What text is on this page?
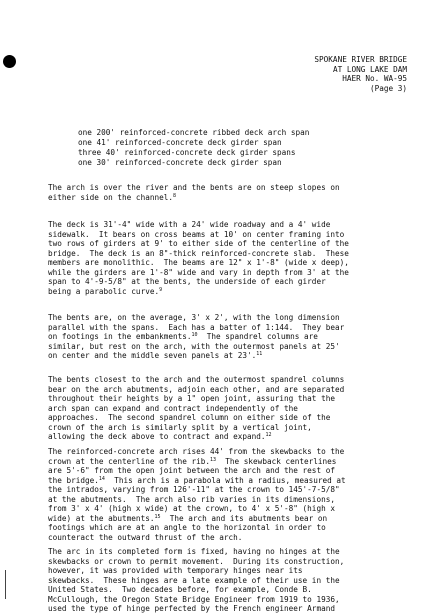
SPOKANE RIVER BRIDGE
AT LONG LAKE DAM
HAER No. WA-95
(Page 3)
one 200' reinforced-concrete ribbed deck arch span
one 41' reinforced-concrete deck girder span
three 40' reinforced-concrete deck girder spans
one 30' reinforced-concrete deck girder span
The arch is over the river and the bents are on steep slopes on
either side on the channel.$^8$
The deck is 31'-4" wide with a 24' wide roadway and a 4' wide
sidewalk.  It bears on cross beams at 10' on center framing into
two rows of girders at 9' to either side of the centerline of the
bridge.  The deck is an 8"-thick reinforced-concrete slab.  These
members are monolithic.  The beams are 12" x 1'-8" (wide x deep),
while the girders are 1'-8" wide and vary in depth from 3' at the
span to 4'-9-5/8" at the bents, the underside of each girder
being a parabolic curve.$^9$
The bents are, on the average, 3' x 2', with the long dimension
parallel with the spans.  Each has a batter of 1:144.  They bear
on footings in the embankments.$^{10}$  The spandrel columns are
similar, but rest on the arch, with the outermost panels at 25'
on center and the middle seven panels at 23'.$^{11}$
The bents closest to the arch and the outermost spandrel columns
bear on the arch abutments, adjoin each other, and are separated
throughout their heights by a 1" open joint, assuring that the
arch span can expand and contract independently of the
approaches.  The second spandrel column on either side of the
crown of the arch is similarly split by a vertical joint,
allowing the deck above to contract and expand.$^{12}$
The reinforced-concrete arch rises 44' from the skewbacks to the
crown at the centerline of the rib.$^{13}$  The skewback centerlines
are 5'-6" from the open joint between the arch and the rest of
the bridge.$^{14}$  This arch is a parabola with a radius, measured at
the intrados, varying from 126'-11" at the crown to 145'-7-5/8"
at the abutments.  The arch also rib varies in its dimensions,
from 3' x 4' (high x wide) at the crown, to 4' x 5'-8" (high x
wide) at the abutments.$^{15}$  The arch and its abutments bear on
footings which are at an angle to the horizontal in order to
counteract the outward thrust of the arch.
The arc in its completed form is fixed, having no hinges at the
skewbacks or crown to permit movement.  During its construction,
however, it was provided with temporary hinges near its
skewbacks.  These hinges are a late example of their use in the
United States.  Two decades before, for example, Conde B.
McCullough, the Oregon State Bridge Engineer from 1919 to 1936,
used the type of hinge perfected by the French engineer Armand
